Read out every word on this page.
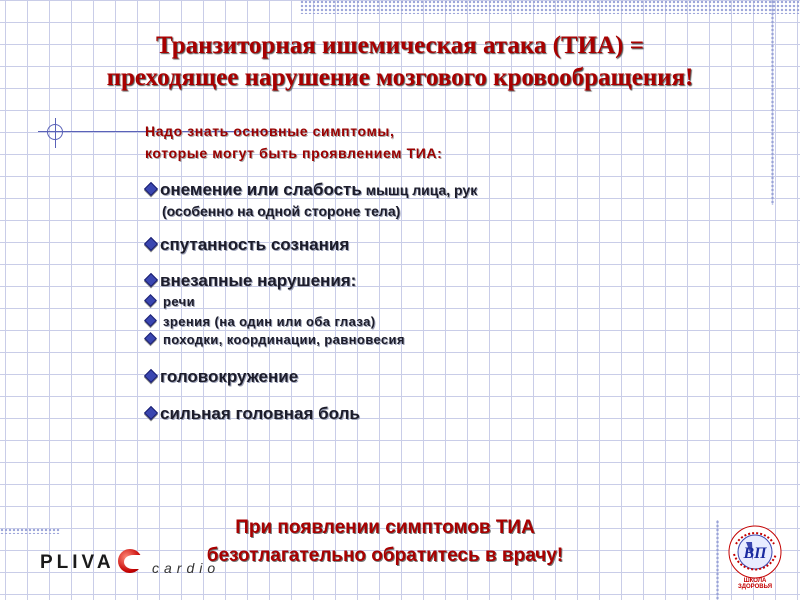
Транзиторная ишемическая атака (ТИА) =
преходящее нарушение мозгового кровообращения!
Надо знать основные симптомы,
которые могут быть проявлением ТИА:
онемение или слабость мышц лица, рук
(особенно на одной стороне тела)
спутанность сознания
внезапные нарушения:
речи
зрения (на один или оба глаза)
походки, координации, равновесия
головокружение
сильная головная боль
При появлении симптомов ТИА
безотлагательно обратитесь в врачу!
PLIVA	cardio
ВП
ШКОЛА ЗДОРОВЬЯ
